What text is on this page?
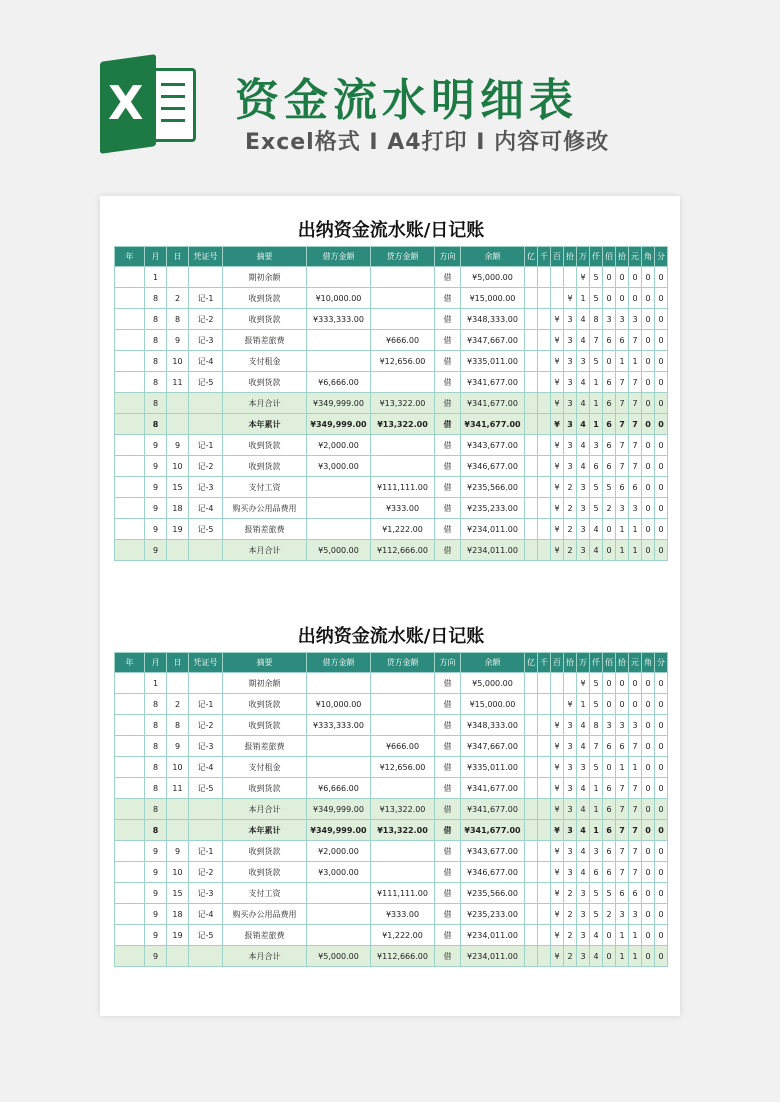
X 资金流水明细表
Excel格式 I A4打印 I 内容可修改
出纳资金流水账/日记账
年	月	日	凭证号	摘要	借方金额	贷方金额	方向	余额	亿	千	百	拾	万	仟	佰	拾	元	角	分
	1			期初余额			借	¥5,000.00					¥	5	0	0	0	0	0
	8	2	记-1	收到货款	¥10,000.00		借	¥15,000.00				¥	1	5	0	0	0	0	0
	8	8	记-2	收到货款	¥333,333.00		借	¥348,333.00			¥	3	4	8	3	3	3	0	0
	8	9	记-3	报销差旅费		¥666.00	借	¥347,667.00			¥	3	4	7	6	6	7	0	0
	8	10	记-4	支付租金		¥12,656.00	借	¥335,011.00			¥	3	3	5	0	1	1	0	0
	8	11	记-5	收到货款	¥6,666.00		借	¥341,677.00			¥	3	4	1	6	7	7	0	0
	8			本月合计	¥349,999.00	¥13,322.00	借	¥341,677.00			¥	3	4	1	6	7	7	0	0
	8			本年累计	¥349,999.00	¥13,322.00	借	¥341,677.00			¥	3	4	1	6	7	7	0	0
	9	9	记-1	收到货款	¥2,000.00		借	¥343,677.00			¥	3	4	3	6	7	7	0	0
	9	10	记-2	收到货款	¥3,000.00		借	¥346,677.00			¥	3	4	6	6	7	7	0	0
	9	15	记-3	支付工资		¥111,111.00	借	¥235,566.00			¥	2	3	5	5	6	6	0	0
	9	18	记-4	购买办公用品费用		¥333.00	借	¥235,233.00			¥	2	3	5	2	3	3	0	0
	9	19	记-5	报销差旅费		¥1,222.00	借	¥234,011.00			¥	2	3	4	0	1	1	0	0
	9			本月合计	¥5,000.00	¥112,666.00	借	¥234,011.00			¥	2	3	4	0	1	1	0	0
出纳资金流水账/日记账
年	月	日	凭证号	摘要	借方金额	贷方金额	方向	余额	亿	千	百	拾	万	仟	佰	拾	元	角	分
	1			期初余额			借	¥5,000.00					¥	5	0	0	0	0	0
	8	2	记-1	收到货款	¥10,000.00		借	¥15,000.00				¥	1	5	0	0	0	0	0
	8	8	记-2	收到货款	¥333,333.00		借	¥348,333.00			¥	3	4	8	3	3	3	0	0
	8	9	记-3	报销差旅费		¥666.00	借	¥347,667.00			¥	3	4	7	6	6	7	0	0
	8	10	记-4	支付租金		¥12,656.00	借	¥335,011.00			¥	3	3	5	0	1	1	0	0
	8	11	记-5	收到货款	¥6,666.00		借	¥341,677.00			¥	3	4	1	6	7	7	0	0
	8			本月合计	¥349,999.00	¥13,322.00	借	¥341,677.00			¥	3	4	1	6	7	7	0	0
	8			本年累计	¥349,999.00	¥13,322.00	借	¥341,677.00			¥	3	4	1	6	7	7	0	0
	9	9	记-1	收到货款	¥2,000.00		借	¥343,677.00			¥	3	4	3	6	7	7	0	0
	9	10	记-2	收到货款	¥3,000.00		借	¥346,677.00			¥	3	4	6	6	7	7	0	0
	9	15	记-3	支付工资		¥111,111.00	借	¥235,566.00			¥	2	3	5	5	6	6	0	0
	9	18	记-4	购买办公用品费用		¥333.00	借	¥235,233.00			¥	2	3	5	2	3	3	0	0
	9	19	记-5	报销差旅费		¥1,222.00	借	¥234,011.00			¥	2	3	4	0	1	1	0	0
	9			本月合计	¥5,000.00	¥112,666.00	借	¥234,011.00			¥	2	3	4	0	1	1	0	0
